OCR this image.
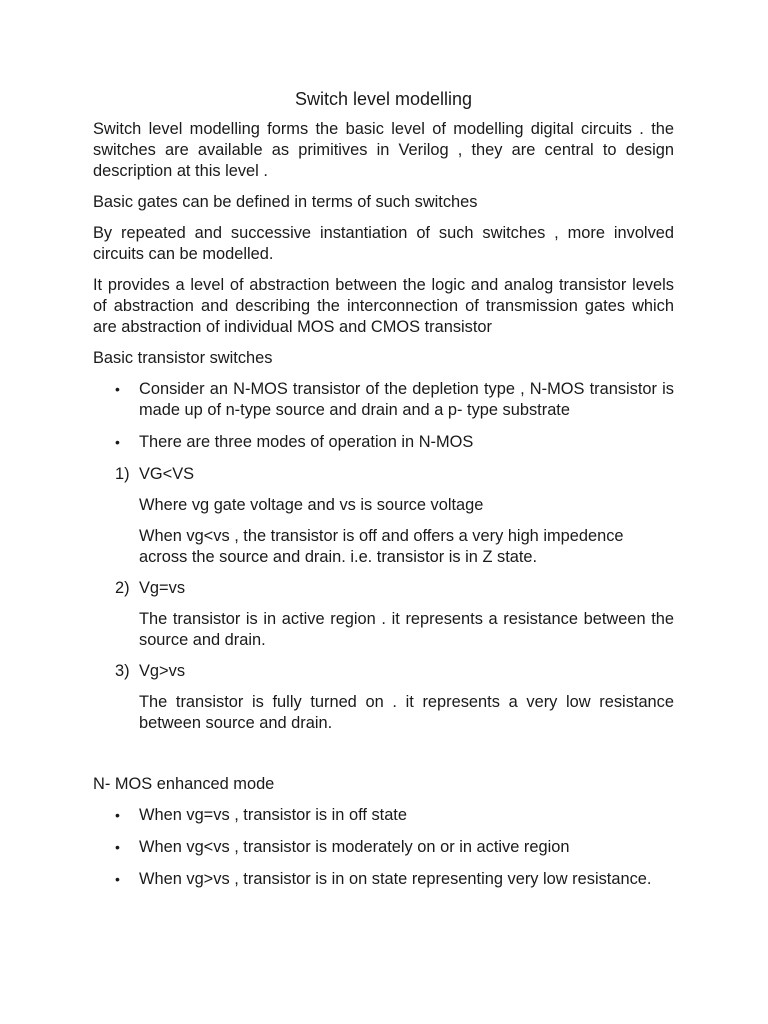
Switch level modelling

Switch level modelling forms the basic level of modelling digital circuits . the switches are available as primitives in Verilog , they are central to design description at this level .

Basic gates can be defined in terms of such switches

By repeated and successive instantiation of such switches , more involved circuits can be modelled.

It provides a level of abstraction between the logic and analog transistor levels of abstraction and describing the interconnection of transmission gates which are abstraction of individual MOS and CMOS transistor

Basic transistor switches

• Consider an N-MOS transistor of the depletion type , N-MOS transistor is made up of n-type source and drain and a p- type substrate
• There are three modes of operation in N-MOS
1) VG<VS

Where vg gate voltage and vs is source voltage

When vg<vs , the transistor is off and offers a very high impedence across the source and drain. i.e. transistor is in Z state.

2) Vg=vs

The transistor is in active region . it represents a resistance between the source and drain.

3) Vg>vs

The transistor is fully turned on . it represents a very low resistance between source and drain.

N- MOS enhanced mode

• When vg=vs , transistor is in off state
• When vg<vs , transistor is moderately on or in active region
• When vg>vs , transistor is in on state representing very low resistance.
